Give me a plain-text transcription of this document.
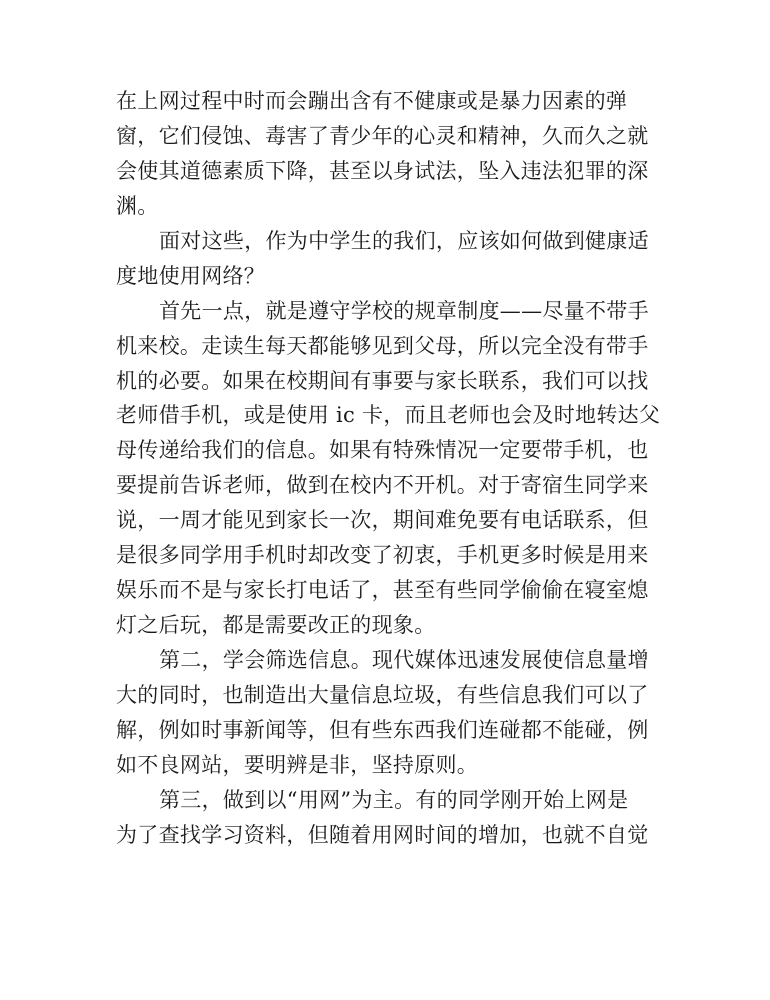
在上网过程中时而会蹦出含有不健康或是暴力因素的弹
窗，它们侵蚀、毒害了青少年的心灵和精神，久而久之就
会使其道德素质下降，甚至以身试法，坠入违法犯罪的深
渊。
面对这些，作为中学生的我们，应该如何做到健康适
度地使用网络？
首先一点，就是遵守学校的规章制度——尽量不带手
机来校。走读生每天都能够见到父母，所以完全没有带手
机的必要。如果在校期间有事要与家长联系，我们可以找
老师借手机，或是使用 ic 卡，而且老师也会及时地转达父
母传递给我们的信息。如果有特殊情况一定要带手机，也
要提前告诉老师，做到在校内不开机。对于寄宿生同学来
说，一周才能见到家长一次，期间难免要有电话联系，但
是很多同学用手机时却改变了初衷，手机更多时候是用来
娱乐而不是与家长打电话了，甚至有些同学偷偷在寝室熄
灯之后玩，都是需要改正的现象。
第二，学会筛选信息。现代媒体迅速发展使信息量增
大的同时，也制造出大量信息垃圾，有些信息我们可以了
解，例如时事新闻等，但有些东西我们连碰都不能碰，例
如不良网站，要明辨是非，坚持原则。
第三，做到以“用网”为主。有的同学刚开始上网是
为了查找学习资料，但随着用网时间的增加，也就不自觉
